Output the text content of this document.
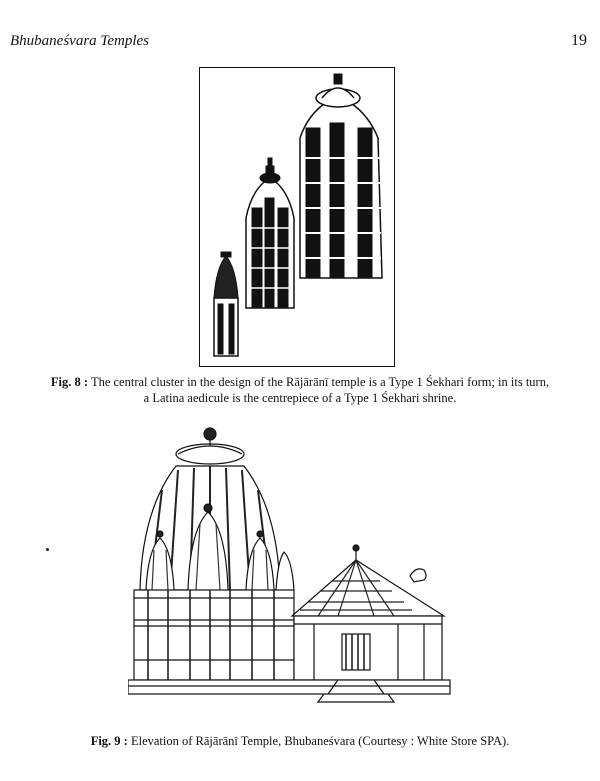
Bhubaneśvara Temples	19
Fig. 8 : The central cluster in the design of the Rājārānī temple is a Type 1 Śekhari form; in its turn,
a Latina aedicule is the centrepiece of a Type 1 Śekhari shrine.
Fig. 9 : Elevation of Rājārānī Temple, Bhubaneśvara (Courtesy : White Store SPA).
